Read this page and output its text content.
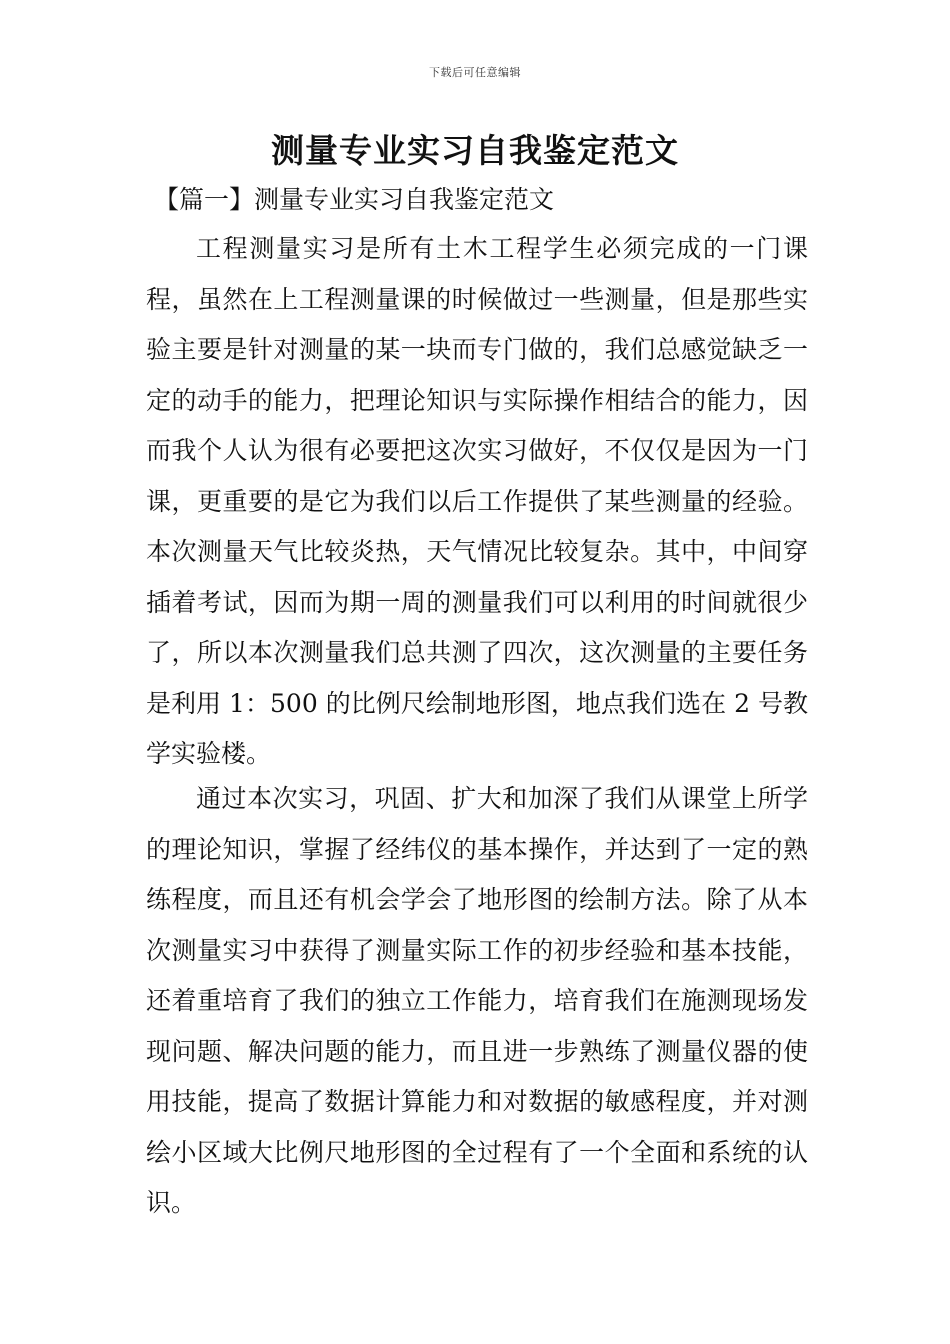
下载后可任意编辑
测量专业实习自我鉴定范文

【篇一】测量专业实习自我鉴定范文

工程测量实习是所有土木工程学生必须完成的一门课程，虽然在上工程测量课的时候做过一些测量，但是那些实验主要是针对测量的某一块而专门做的，我们总感觉缺乏一定的动手的能力，把理论知识与实际操作相结合的能力，因而我个人认为很有必要把这次实习做好，不仅仅是因为一门课，更重要的是它为我们以后工作提供了某些测量的经验。本次测量天气比较炎热，天气情况比较复杂。其中，中间穿插着考试，因而为期一周的测量我们可以利用的时间就很少了，所以本次测量我们总共测了四次，这次测量的主要任务是利用 1：500 的比例尺绘制地形图，地点我们选在 2 号教学实验楼。

通过本次实习，巩固、扩大和加深了我们从课堂上所学的理论知识，掌握了经纬仪的基本操作，并达到了一定的熟练程度，而且还有机会学会了地形图的绘制方法。除了从本次测量实习中获得了测量实际工作的初步经验和基本技能，还着重培育了我们的独立工作能力，培育我们在施测现场发现问题、解决问题的能力，而且进一步熟练了测量仪器的使用技能，提高了数据计算能力和对数据的敏感程度，并对测绘小区域大比例尺地形图的全过程有了一个全面和系统的认识。
